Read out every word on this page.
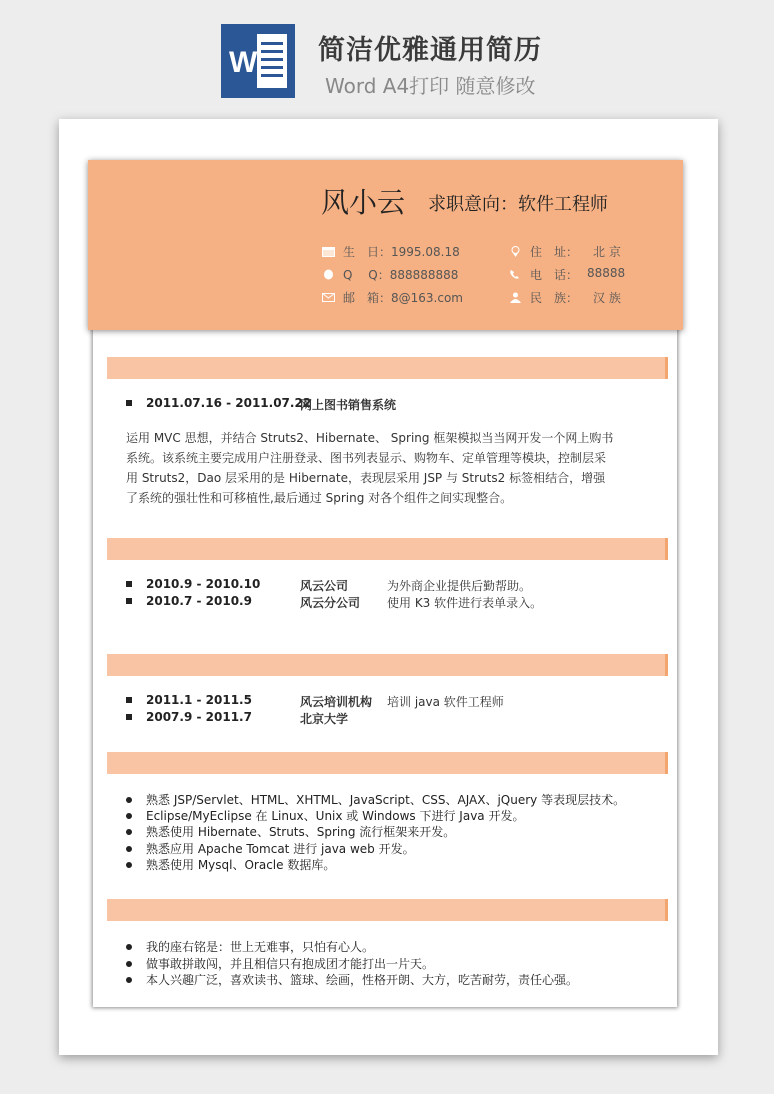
W 简洁优雅通用简历
Word A4打印 随意修改
风小云 求职意向：软件工程师
生　日：1995.08.18
Q　 Q：888888888
邮　箱：8@163.com
住　址： 北 京
电　话： 88888
民　族： 汉 族
2011.07.16 - 2011.07.22
网上图书销售系统
运用 MVC 思想，并结合 Struts2、Hibernate、 Spring 框架模拟当当网开发一个网上购书系统。该系统主要完成用户注册登录、图书列表显示、购物车、定单管理等模块，控制层采用 Struts2，Dao 层采用的是 Hibernate，表现层采用 JSP 与 Struts2 标签相结合，增强了系统的强壮性和可移植性,最后通过 Spring 对各个组件之间实现整合。
2010.9 - 2010.10	风云公司	为外商企业提供后勤帮助。
2010.7 - 2010.9	风云分公司 使用 K3 软件进行表单录入。
2011.1 - 2011.5	风云培训机构 培训 java 软件工程师
2007.9 - 2011.7	北京大学
熟悉 JSP/Servlet、HTML、XHTML、JavaScript、CSS、AJAX、jQuery 等表现层技术。
Eclipse/MyEclipse 在 Linux、Unix 或 Windows 下进行 Java 开发。
熟悉使用 Hibernate、Struts、Spring 流行框架来开发。
熟悉应用 Apache Tomcat 进行 java web 开发。
熟悉使用 Mysql、Oracle 数据库。
我的座右铭是：世上无难事，只怕有心人。
做事敢拼敢闯，并且相信只有抱成团才能打出一片天。
本人兴趣广泛，喜欢读书、篮球、绘画，性格开朗、大方，吃苦耐劳，责任心强。
